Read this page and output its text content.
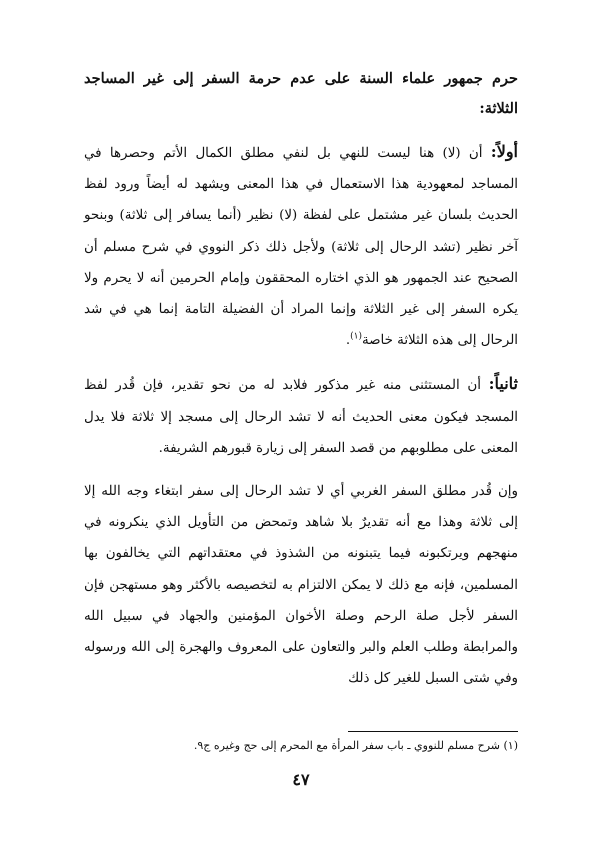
حرم جمهور علماء السنة على عدم حرمة السفر إلى غير المساجد الثلاثة:

أولاً: أن (لا) هنا ليست للنهي بل لنفي مطلق الكمال الأتم وحصرها في المساجد لمعهودية هذا الاستعمال في هذا المعنى ويشهد له أيضاً ورود لفظ الحديث بلسان غير مشتمل على لفظة (لا) نظير (أنما يسافر إلى ثلاثة) وبنحو آخر نظير (تشد الرحال إلى ثلاثة) ولأجل ذلك ذكر النووي في شرح مسلم أن الصحيح عند الجمهور هو الذي اختاره المحققون وإمام الحرمين أنه لا يحرم ولا يكره السفر إلى غير الثلاثة وإنما المراد أن الفضيلة التامة إنما هي في شد الرحال إلى هذه الثلاثة خاصة$^{(١)}$.

ثانياً: أن المستثنى منه غير مذكور فلابد له من نحو تقدير، فإن قُدر لفظ المسجد فيكون معنى الحديث أنه لا تشد الرحال إلى مسجد إلا ثلاثة فلا يدل المعنى على مطلوبهم من قصد السفر إلى زيارة قبورهم الشريفة.

وإن قُدر مطلق السفر الغربي أي لا تشد الرحال إلى سفر ابتغاء وجه الله إلا إلى ثلاثة وهذا مع أنه تقديرٌ بلا شاهد وتمحض من التأويل الذي ينكرونه في منهجهم ويرتكبونه فيما يتبنونه من الشذوذ في معتقداتهم التي يخالفون بها المسلمين، فإنه مع ذلك لا يمكن الالتزام به لتخصيصه بالأكثر وهو مستهجن فإن السفر لأجل صلة الرحم وصلة الأخوان المؤمنين والجهاد في سبيل الله والمرابطة وطلب العلم والبر والتعاون على المعروف والهجرة إلى الله ورسوله وفي شتى السبل للغير كل ذلك

(١) شرح مسلم للنووي ـ باب سفر المرأة مع المحرم إلى حج وغيره ج٩.
٤٧
